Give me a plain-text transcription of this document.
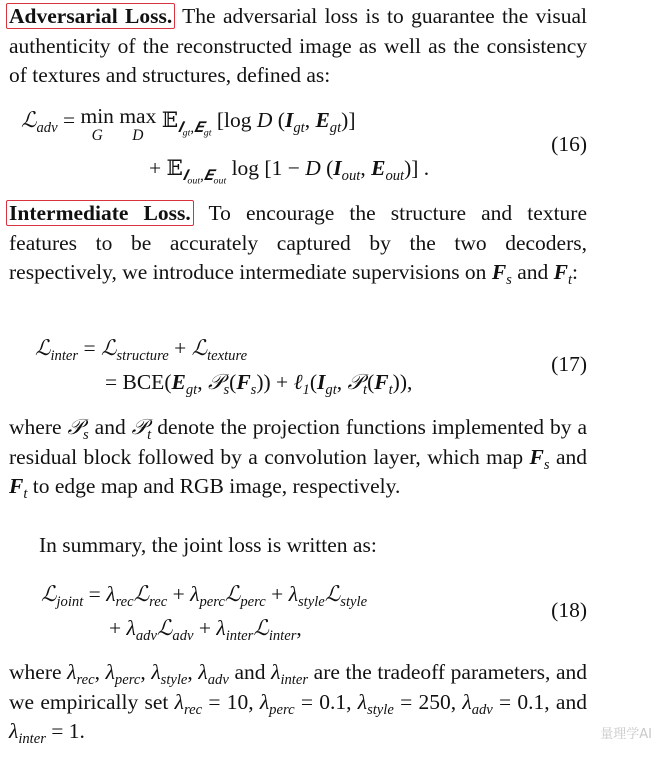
Adversarial Loss. The adversarial loss is to guarantee the visual authenticity of the reconstructed image as well as the consistency of textures and structures, defined as:

ℒ$_{adv}$ = min
G
max
D
𝔼$_{𝑰_{gt},𝑬_{gt}}$ [log D ($I_{gt}$, $E_{gt}$)]
+ 𝔼$_{𝑰_{out},𝑬_{out}}$ log [1 − D ($I_{out}$, $E_{out}$)] .
(16)

Intermediate Loss. To encourage the structure and texture features to be accurately captured by the two decoders, respectively, we introduce intermediate supervisions on $F_s$ and $F_t$:

ℒ$_{inter}$ = ℒ$_{structure}$ + ℒ$_{texture}$
= $BCE(E_{gt}$, $𝒫_s(F_s)$) + $\ell_1(I_{gt}$, $𝒫_t(F_t)$),
(17)

where 𝒫$_s$ and 𝒫$_t$ denote the projection functions implemented by a residual block followed by a convolution layer, which map $F_s$ and $F_t$ to edge map and RGB image, respectively.

In summary, the joint loss is written as:

ℒ$_{joint}$ = $\lambda_{rec}ℒ_{rec}$ + $\lambda_{perc}ℒ_{perc}$ + $\lambda_{style}ℒ_{style}$
+ $\lambda_{adv}ℒ_{adv}$ + $\lambda_{inter}ℒ_{inter}$,
(18)

where $\lambda_{rec}$, $\lambda_{perc}$, $\lambda_{style}$, $\lambda_{adv}$ and $\lambda_{inter}$ are the tradeoff parameters, and we empirically set $\lambda_{rec} = 10$, $\lambda_{perc} = 0.1$, $\lambda_{style} = 250$, $\lambda_{adv} = 0.1$, and $\lambda_{inter} = 1$.	量理学AI
